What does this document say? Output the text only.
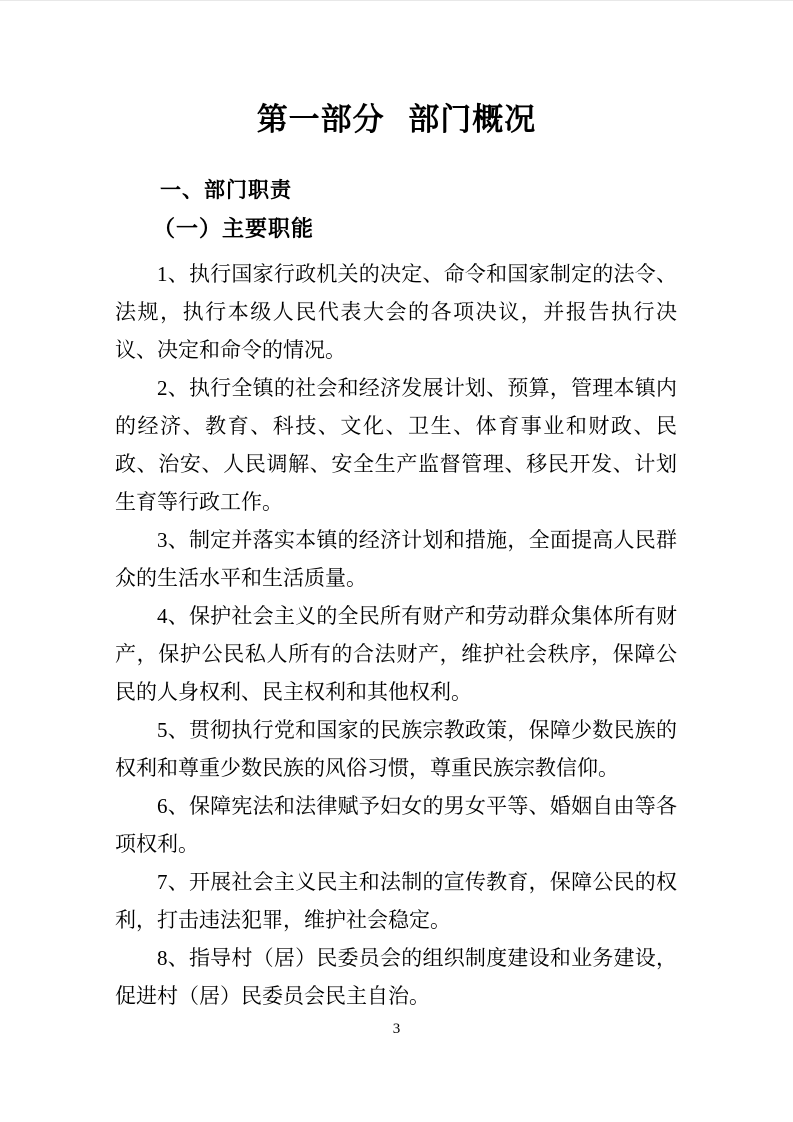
第一部分 部门概况
一、部门职责
（一）主要职能

1、执行国家行政机关的决定、命令和国家制定的法令、法规，执行本级人民代表大会的各项决议，并报告执行决议、决定和命令的情况。

2、执行全镇的社会和经济发展计划、预算，管理本镇内的经济、教育、科技、文化、卫生、体育事业和财政、民政、治安、人民调解、安全生产监督管理、移民开发、计划生育等行政工作。

3、制定并落实本镇的经济计划和措施，全面提高人民群众的生活水平和生活质量。

4、保护社会主义的全民所有财产和劳动群众集体所有财产，保护公民私人所有的合法财产，维护社会秩序，保障公民的人身权利、民主权利和其他权利。

5、贯彻执行党和国家的民族宗教政策，保障少数民族的权利和尊重少数民族的风俗习惯，尊重民族宗教信仰。

6、保障宪法和法律赋予妇女的男女平等、婚姻自由等各项权利。

7、开展社会主义民主和法制的宣传教育，保障公民的权利，打击违法犯罪，维护社会稳定。

8、指导村（居）民委员会的组织制度建设和业务建设，促进村（居）民委员会民主自治。

3
